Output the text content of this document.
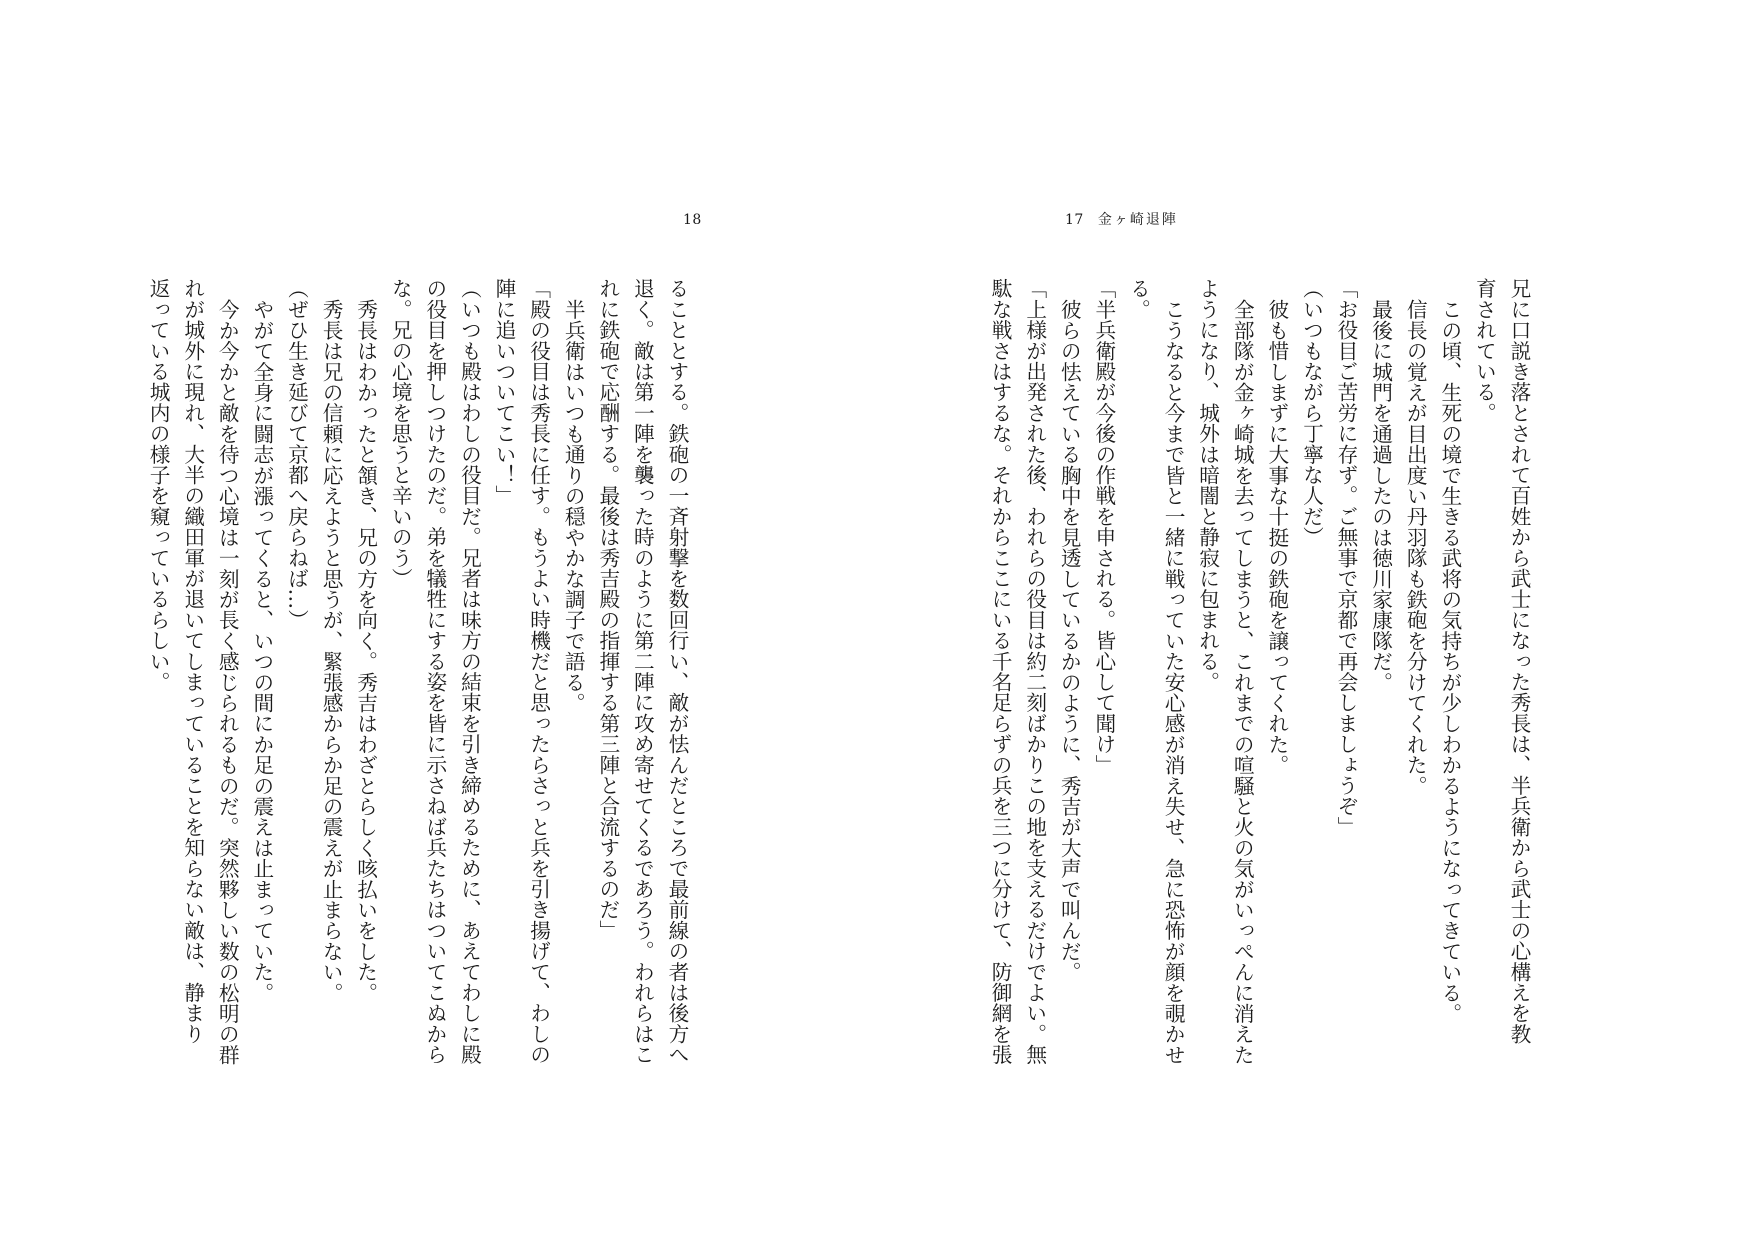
18
ることとする。鉄砲の一斉射撃を数回行い、敵が怯んだところで最前線の者は後方へ
退く。敵は第一陣を襲った時のように第二陣に攻め寄せてくるであろう。われらはこ
れに鉄砲で応酬する。最後は秀吉殿の指揮する第三陣と合流するのだ」
半兵衛はいつも通りの穏やかな調子で語る。
「殿の役目は秀長に任す。もうよい時機だと思ったらさっと兵を引き揚げて、わしの
陣に追いついてこい！」
（いつも殿はわしの役目だ。兄者は味方の結束を引き締めるために、あえてわしに殿
の役目を押しつけたのだ。弟を犠牲にする姿を皆に示さねば兵たちはついてこぬから
な。兄の心境を思うと辛いのう）
秀長はわかったと頷き、兄の方を向く。秀吉はわざとらしく咳払いをした。
秀長は兄の信頼に応えようと思うが、緊張感からか足の震えが止まらない。
（ぜひ生き延びて京都へ戻らねば…）
やがて全身に闘志が漲ってくると、いつの間にか足の震えは止まっていた。
今か今かと敵を待つ心境は一刻が長く感じられるものだ。突然夥しい数の松明の群
れが城外に現れ、大半の織田軍が退いてしまっていることを知らない敵は、静まり
返っている城内の様子を窺っているらしい。
17 金ヶ崎退陣
兄に口説き落とされて百姓から武士になった秀長は、半兵衛から武士の心構えを教
育されている。
この頃、生死の境で生きる武将の気持ちが少しわかるようになってきている。
信長の覚えが目出度い丹羽隊も鉄砲を分けてくれた。
最後に城門を通過したのは徳川家康隊だ。
「お役目ご苦労に存ず。ご無事で京都で再会しましょうぞ」
（いつもながら丁寧な人だ）
彼も惜しまずに大事な十挺の鉄砲を譲ってくれた。
全部隊が金ヶ崎城を去ってしまうと、これまでの喧騒と火の気がいっぺんに消えた
ようになり、城外は暗闇と静寂に包まれる。
こうなると今まで皆と一緒に戦っていた安心感が消え失せ、急に恐怖が顔を覗かせ
る。
「半兵衛殿が今後の作戦を申される。皆心して聞け」
彼らの怯えている胸中を見透しているかのように、秀吉が大声で叫んだ。
「上様が出発された後、われらの役目は約二刻ばかりこの地を支えるだけでよい。無
駄な戦さはするな。それからここにいる千名足らずの兵を三つに分けて、防御網を張
